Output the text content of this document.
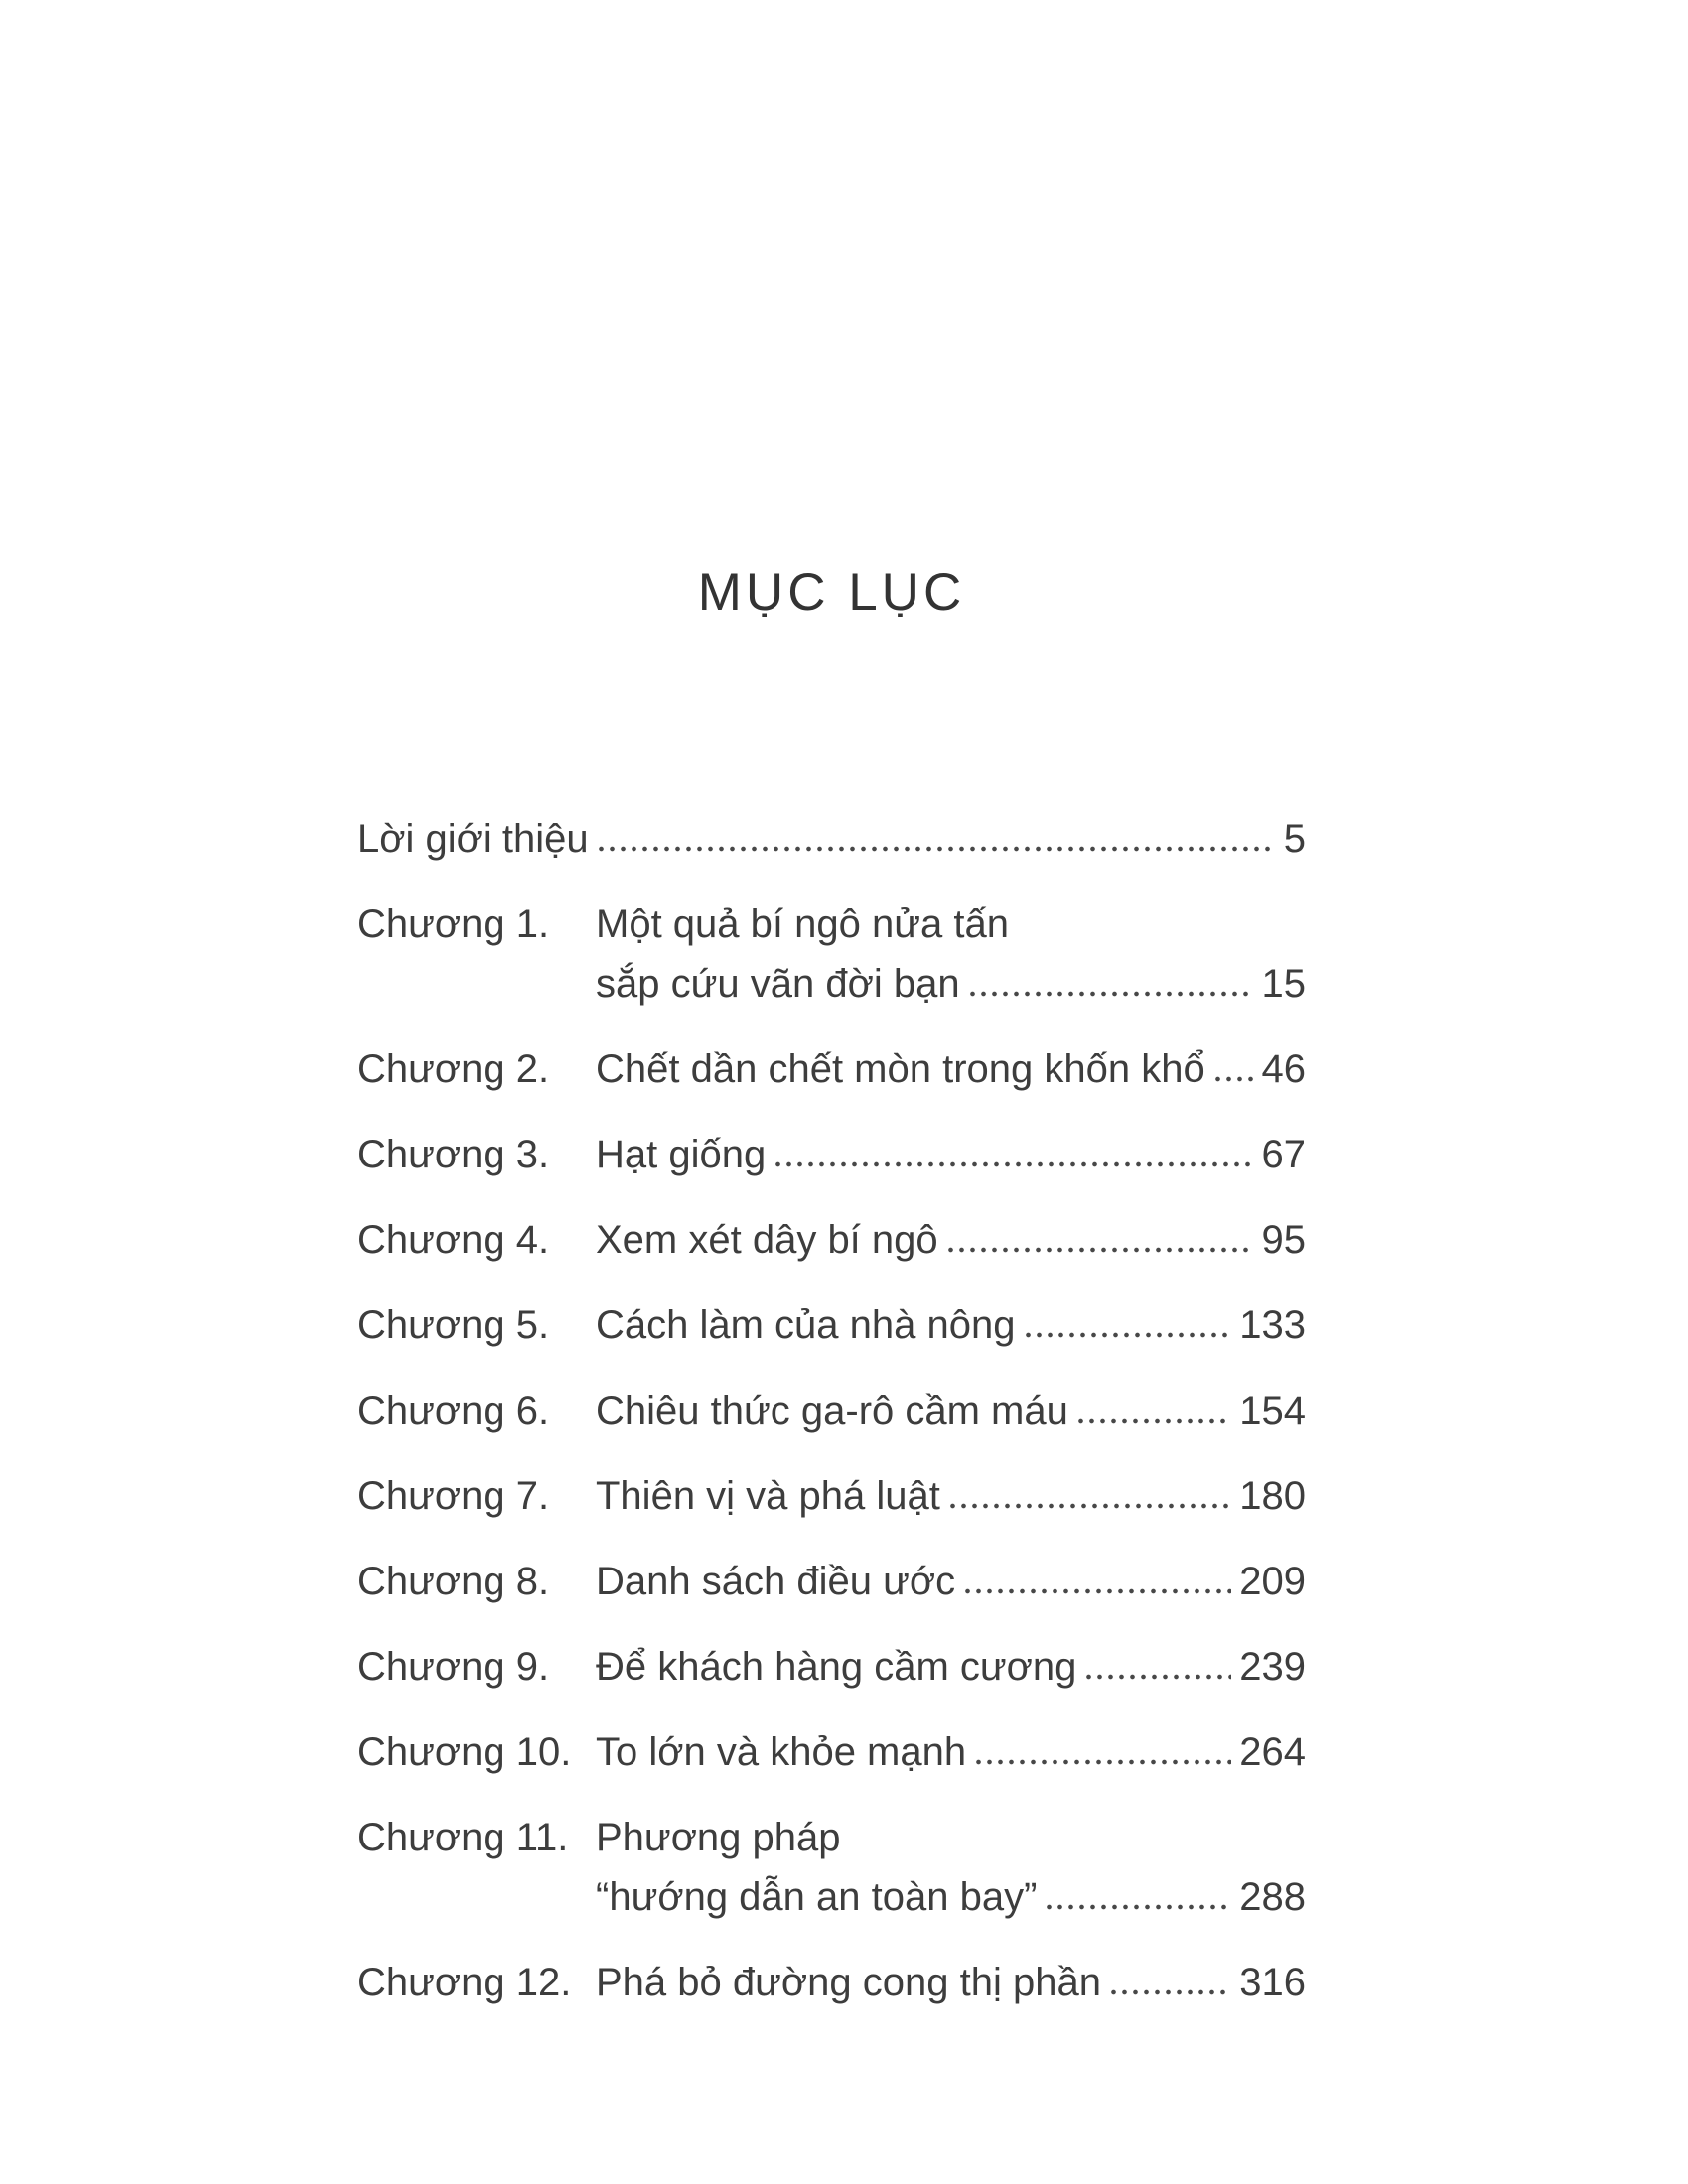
MỤC LỤC
Lời giới thiệu	5
Chương 1.	Một quả bí ngô nửa tấn
sắp cứu vãn đời bạn	15
Chương 2.	Chết dần chết mòn trong khốn khổ 46
Chương 3.	Hạt giống	67
Chương 4.	Xem xét dây bí ngô	95
Chương 5.	Cách làm của nhà nông	133
Chương 6.	Chiêu thức ga-rô cầm máu	154
Chương 7.	Thiên vị và phá luật	180
Chương 8.	Danh sách điều ước	209
Chương 9.	Để khách hàng cầm cương	239
Chương 10. To lớn và khỏe mạnh	264
Chương 11. Phương pháp
“hướng dẫn an toàn bay”	288
Chương 12. Phá bỏ đường cong thị phần	316
